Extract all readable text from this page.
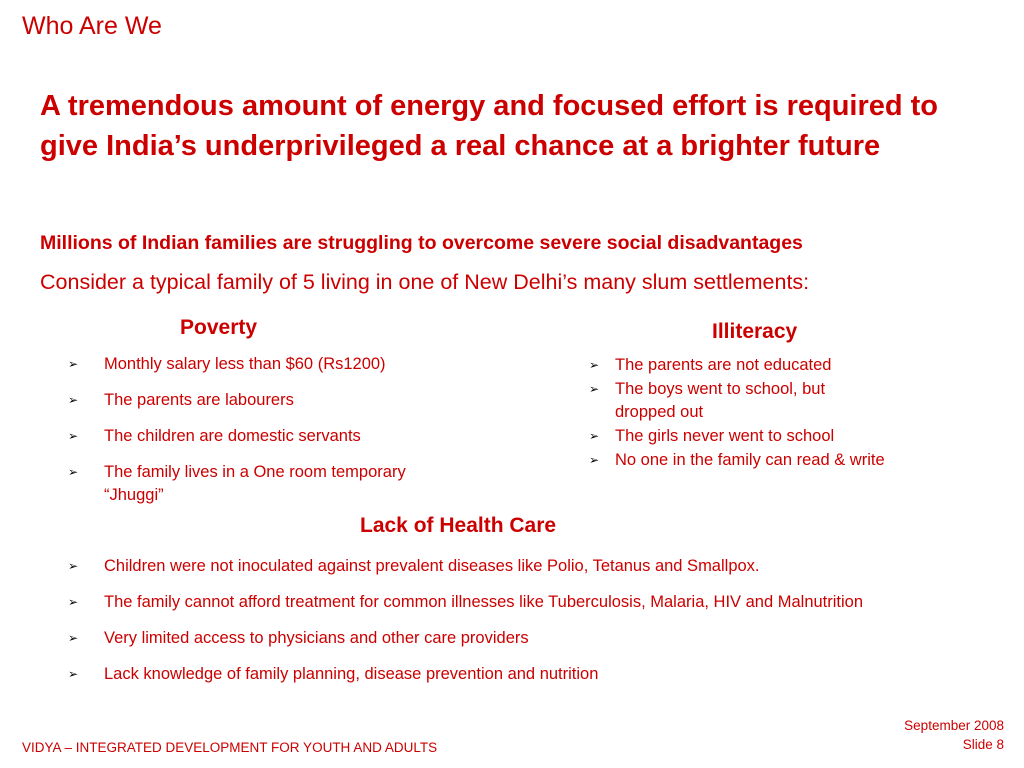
Who Are We
A tremendous amount of energy and focused effort is required to give India’s underprivileged a real chance at a brighter future
Millions of Indian families are struggling to overcome severe social disadvantages
Consider a typical family of 5 living in one of New Delhi’s many slum settlements:
Poverty
➢ Monthly salary less than $60 (Rs1200)
➢ The parents are labourers
➢ The children are domestic servants
➢ The family lives in a One room temporary “Jhuggi”
Illiteracy
➢ The parents are not educated
➢ The boys went to school, but dropped out
➢ The girls never went to school
➢ No one in the family can read & write
Lack of Health Care
➢ Children were not inoculated against prevalent diseases like Polio, Tetanus and Smallpox.
➢ The family cannot afford treatment for common illnesses like Tuberculosis, Malaria, HIV and Malnutrition
➢ Very limited access to physicians and other care providers
➢ Lack knowledge of family planning, disease prevention and nutrition
VIDYA – INTEGRATED DEVELOPMENT FOR YOUTH AND ADULTS
September 2008
Slide 8
